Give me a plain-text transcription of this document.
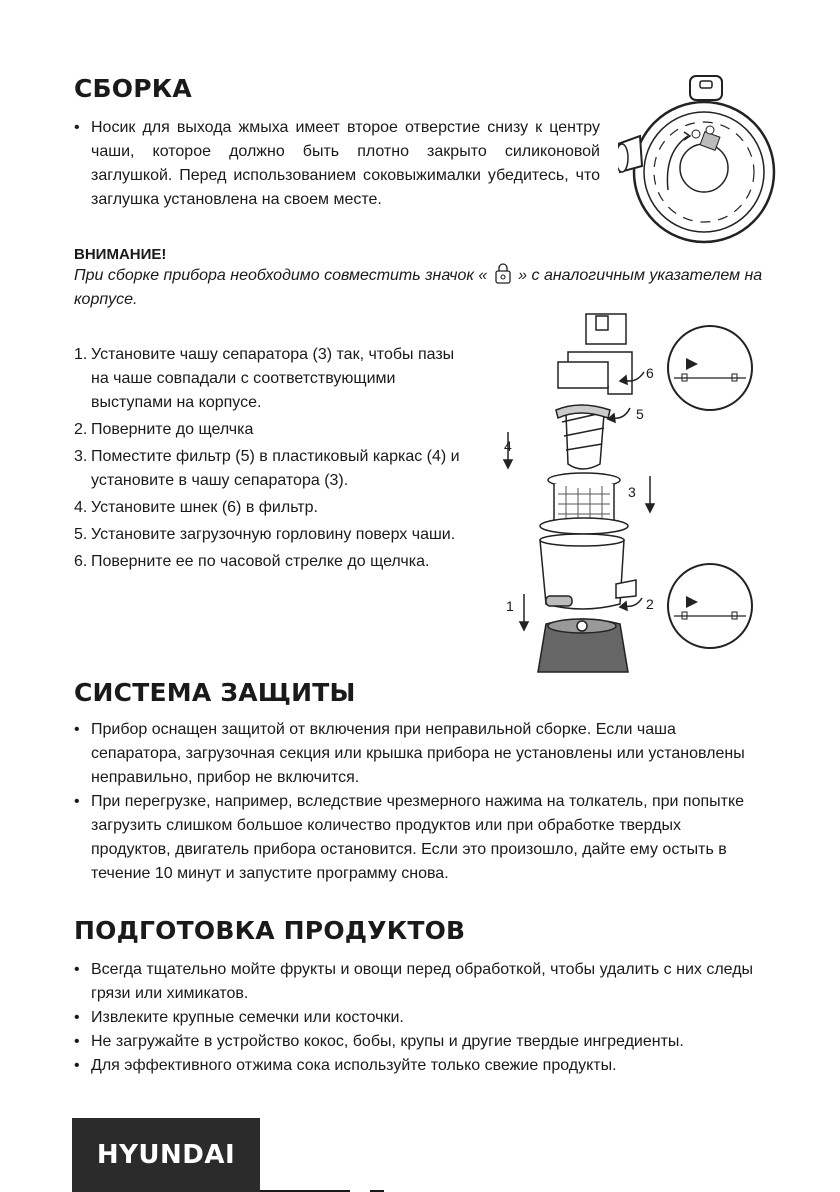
СБОРКА
• Носик для выхода жмыха имеет второе отверстие снизу к центру чаши, которое должно быть плотно закрыто силиконовой заглушкой. Перед использованием соковыжималки убедитесь, что заглушка установлена на своем месте.
ВНИМАНИЕ!
При сборке прибора необходимо совместить значок « » с аналогичным указателем на корпусе.
1. Установите чашу сепаратора (3) так, чтобы пазы на чаше совпадали с соответствующими выступами на корпусе.
2. Поверните до щелчка
3. Поместите фильтр (5) в пластиковый каркас (4) и установите в чашу сепаратора (3).
4. Установите шнек (6) в фильтр.
5. Установите загрузочную горловину поверх чаши.
6. Поверните ее по часовой стрелке до щелчка.
1	2
3
4
5
6
СИСТЕМА ЗАЩИТЫ
• Прибор оснащен защитой от включения при неправильной сборке. Если чаша сепаратора, загрузочная секция или крышка прибора не установлены или установлены неправильно, прибор не включится.
• При перегрузке, например, вследствие чрезмерного нажима на толкатель, при попытке загрузить слишком большое количество продуктов или при обработке твердых продуктов, двигатель прибора остановится. Если это произошло, дайте ему остыть в течение 10 минут и запустите программу снова.
ПОДГОТОВКА ПРОДУКТОВ
• Всегда тщательно мойте фрукты и овощи перед обработкой, чтобы удалить с них следы грязи или химикатов.
• Извлеките крупные семечки или косточки.
• Не загружайте в устройство кокос, бобы, крупы и другие твердые ингредиенты.
• Для эффективного отжима сока используйте только свежие продукты.
HYUNDAI
